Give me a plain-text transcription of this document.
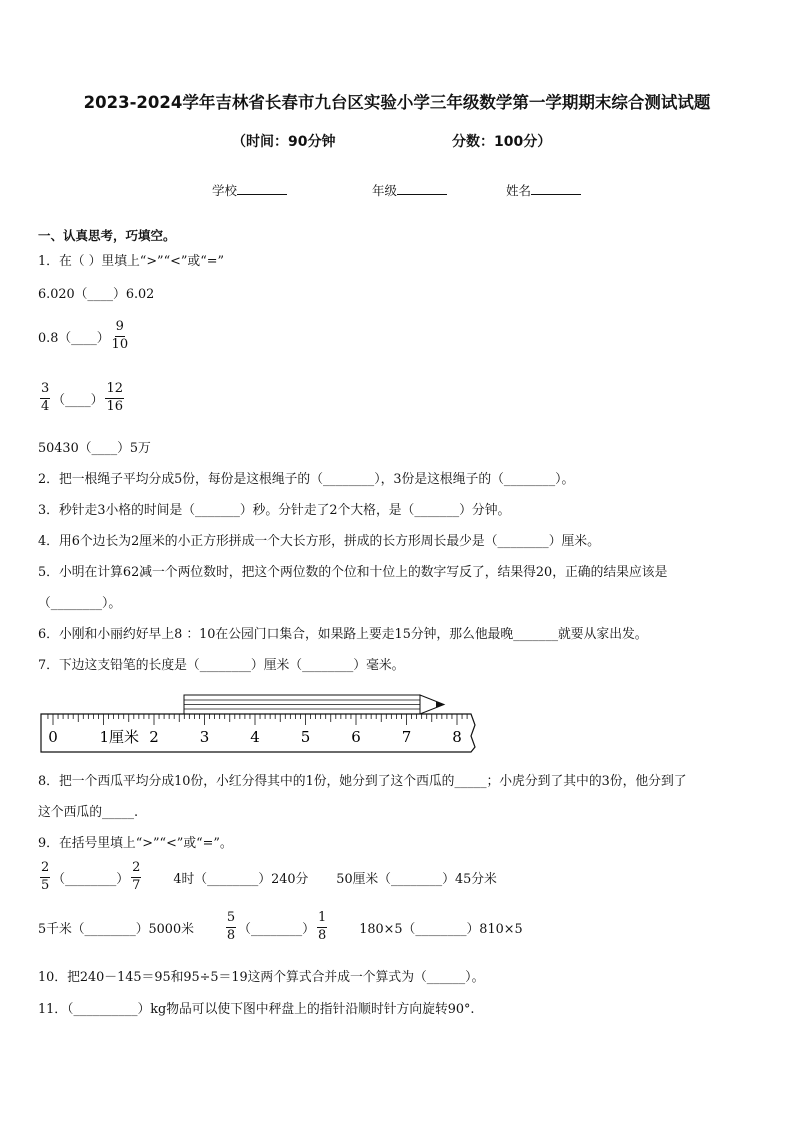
2023-2024学年吉林省长春市九台区实验小学三年级数学第一学期期末综合测试试题
（时间：90分钟	分数：100分）
学校	年级	姓名
一、认真思考，巧填空。
1．在（ ）里填上“>”“<”或“=”
6.020（____）6.02
0.8（____） $\frac{9}{10}$
$\frac{3}{4}$ （____） $\frac{12}{16}$
50430（____）5万
2．把一根绳子平均分成5份，每份是这根绳子的（________），3份是这根绳子的（________）。
3．秒针走3小格的时间是（_______）秒。分针走了2个大格，是（_______）分钟。
4．用6个边长为2厘米的小正方形拼成一个大长方形，拼成的长方形周长最少是（________）厘米。
5．小明在计算62减一个两位数时，把这个两位数的个位和十位上的数字写反了，结果得20，正确的结果应该是
（________）。
6．小刚和小丽约好早上8 ：10在公园门口集合，如果路上要走15分钟，那么他最晚_______就要从家出发。
7．下边这支铅笔的长度是（________）厘米（________）毫米。
0	1厘米 2	3	4	5	6	7	8
8．把一个西瓜平均分成10份，小红分得其中的1份，她分到了这个西瓜的_____；小虎分到了其中的3份，他分到了
这个西瓜的_____.
9．在括号里填上“>”“<”或“=”。
$\frac{2}{5}$ （________） $\frac{2}{7}$	4时（________）240分 50厘米（________）45分米
5千米（________）5000米 $\frac{5}{8}$ （________） $\frac{1}{8}$	180×5（________）810×5
10．把240－145＝95和95÷5＝19这两个算式合并成一个算式为（______）。
11．（__________）kg物品可以使下图中秤盘上的指针沿顺时针方向旋转90°.
